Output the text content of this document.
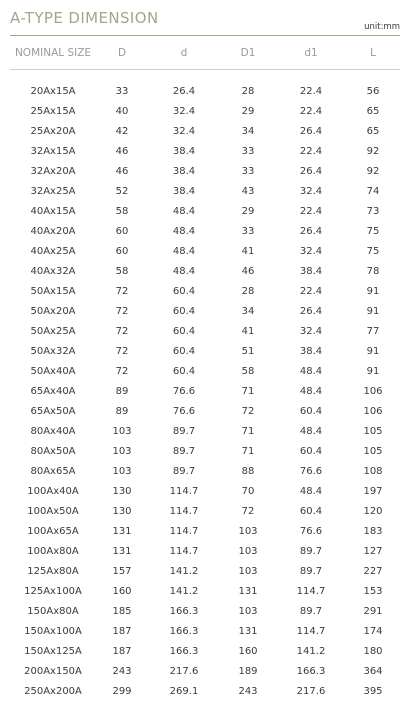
A-TYPE DIMENSION	unit:mm
NOMINAL SIZE	D	d	D1	d1	L
20Ax15A	33	26.4	28	22.4	56
25Ax15A	40	32.4	29	22.4	65
25Ax20A	42	32.4	34	26.4	65
32Ax15A	46	38.4	33	22.4	92
32Ax20A	46	38.4	33	26.4	92
32Ax25A	52	38.4	43	32.4	74
40Ax15A	58	48.4	29	22.4	73
40Ax20A	60	48.4	33	26.4	75
40Ax25A	60	48.4	41	32.4	75
40Ax32A	58	48.4	46	38.4	78
50Ax15A	72	60.4	28	22.4	91
50Ax20A	72	60.4	34	26.4	91
50Ax25A	72	60.4	41	32.4	77
50Ax32A	72	60.4	51	38.4	91
50Ax40A	72	60.4	58	48.4	91
65Ax40A	89	76.6	71	48.4	106
65Ax50A	89	76.6	72	60.4	106
80Ax40A	103	89.7	71	48.4	105
80Ax50A	103	89.7	71	60.4	105
80Ax65A	103	89.7	88	76.6	108
100Ax40A	130	114.7	70	48.4	197
100Ax50A	130	114.7	72	60.4	120
100Ax65A	131	114.7	103	76.6	183
100Ax80A	131	114.7	103	89.7	127
125Ax80A	157	141.2	103	89.7	227
125Ax100A	160	141.2	131	114.7	153
150Ax80A	185	166.3	103	89.7	291
150Ax100A	187	166.3	131	114.7	174
150Ax125A	187	166.3	160	141.2	180
200Ax150A	243	217.6	189	166.3	364
250Ax200A	299	269.1	243	217.6	395
